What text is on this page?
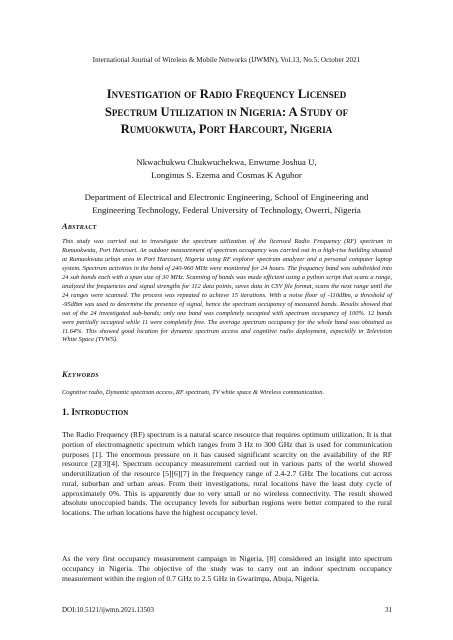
International Journal of Wireless & Mobile Networks (IJWMN), Vol.13, No.5, October 2021
Investigation of Radio Frequency Licensed
Spectrum Utilization in Nigeria: A Study of
Rumuokwuta, Port Harcourt, Nigeria
Nkwachukwu Chukwuchekwa, Enwume Joshua U,
Longinus S. Ezema and Cosmas K Agubor
Department of Electrical and Electronic Engineering, School of Engineering and
Engineering Technology, Federal University of Technology, Owerri, Nigeria
Abstract
This study was carried out to investigate the spectrum utilization of the licensed Radio Frequency (RF) spectrum in Rumuokwuta, Port Harcourt. An outdoor measurement of spectrum occupancy was carried out in a high-rise building situated at Rumuokwuta urban area in Port Harcourt, Nigeria using RF explorer spectrum analyzer and a personal computer laptop system. Spectrum activities in the band of 240-960 MHz were monitored for 24 hours. The frequency band was subdivided into 24 sub bands each with a span size of 30 MHz. Scanning of bands was made efficient using a python script that scans a range, analyzed the frequencies and signal strengths for 112 data points, saves data in CSV file format, scans the next range until the 24 ranges were scanned. The process was repeated to achieve 15 iterations. With a noise floor of -110dBm, a threshold of -95dBm was used to determine the presence of signal, hence the spectrum occupancy of measured bands. Results showed that out of the 24 investigated sub-bands; only one band was completely occupied with spectrum occupancy of 100%. 12 bands were partially occupied while 11 were completely free. The average spectrum occupancy for the whole band was obtained as 11.64%. This showed good location for dynamic spectrum access and cognitive radio deployment, especially in Television White Space (TVWS).
Keywords
Cognitive radio, Dynamic spectrum access, RF spectrum, TV white space & Wireless communication.
1. Introduction
The Radio Frequency (RF) spectrum is a natural scarce resource that requires optimum utilization. It is that portion of electromagnetic spectrum which ranges from 3 Hz to 300 GHz that is used for communication purposes [1]. The enormous pressure on it has caused significant scarcity on the availability of the RF resource [2][3][4]. Spectrum occupancy measurement carried out in various parts of the world showed underutilization of the resource [5][6][7] in the frequency range of 2.4-2.7 GHz The locations cut across rural, suburban and urban areas. From their investigations, rural locations have the least duty cycle of approximately 0%. This is apparently due to very small or no wireless connectivity. The result showed absolute unoccupied bands. The occupancy levels for suburban regions were better compared to the rural locations. The urban locations have the highest occupancy level.
As the very first occupancy measurement campaign in Nigeria, [8] considered an insight into spectrum occupancy in Nigeria. The objective of the study was to carry out an indoor spectrum occupancy measurement within the region of 0.7 GHz to 2.5 GHz in Gwarimpa, Abuja, Nigeria.
DOI:10.5121/ijwmn.2021.13503	31
